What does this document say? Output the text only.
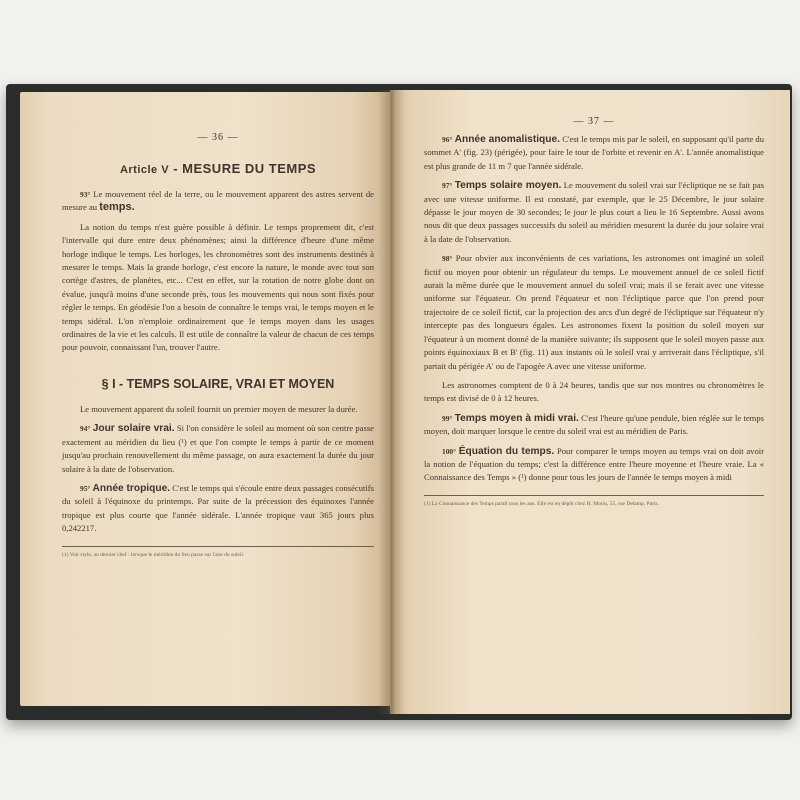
— 36 —
Article V - MESURE DU TEMPS

93° Le mouvement réel de la terre, ou le mouvement apparent des astres servent de mesure au temps.

La notion du temps n'est guère possible à définir. Le temps proprement dit, c'est l'intervalle qui dure entre deux phénomènes; ainsi la différence d'heure d'une même horloge indique le temps. Les horloges, les chronomètres sont des instruments destinés à mesurer le temps. Mais la grande horloge, c'est encore la nature, le monde avec tout son cortège d'astres, de planètes, etc... C'est en effet, sur la rotation de notre globe dont on évalue, jusqu'à moins d'une seconde près, tous les mouvements qui nous sont fixés pour régler le temps. En géodésie l'on a besoin de connaître le temps vrai, le temps moyen et le temps sidéral. L'on n'emploie ordinairement que le temps moyen dans les usages ordinaires de la vie et les calculs. Il est utile de connaître la valeur de chacun de ces temps pour pouvoir, connaissant l'un, trouver l'autre.

§ I - TEMPS SOLAIRE, VRAI ET MOYEN

Le mouvement apparent du soleil fournit un premier moyen de mesurer la durée.

94° Jour solaire vrai. Si l'on considère le soleil au moment où son centre passe exactement au méridien du lieu (¹) et que l'on compte le temps à partir de ce moment jusqu'au prochain renouvellement du même passage, on aura exactement la durée du jour solaire à la date de l'observation.

95° Année tropique. C'est le temps qui s'écoule entre deux passages consécutifs du soleil à l'équinoxe du printemps. Par suite de la précession des équinoxes l'année tropique est plus courte que l'année sidérale. L'année tropique vaut 365 jours plus 0,242217.

(1) Voir style, au dernier chef : lorsque le méridien du lieu passe sur l'axe du soleil.
— 37 —

96° Année anomalistique. C'est le temps mis par le soleil, en supposant qu'il parte du sommet A' (fig. 23) (périgée), pour faire le tour de l'orbite et revenir en A'. L'année anomalistique est plus grande de 11 m 7 que l'année sidérale.

97° Temps solaire moyen. Le mouvement du soleil vrai sur l'écliptique ne se fait pas avec une vitesse uniforme. Il est constaté, par exemple, que le 25 Décembre, le jour solaire dépasse le jour moyen de 30 secondes; le jour le plus court a lieu le 16 Septembre. Aussi avons nous dit que deux passages successifs du soleil au méridien mesurent la durée du jour solaire vrai à la date de l'observation.

98° Pour obvier aux inconvénients de ces variations, les astronomes ont imaginé un soleil fictif ou moyen pour obtenir un régulateur du temps. Le mouvement annuel de ce soleil fictif aurait la même durée que le mouvement annuel du soleil vrai; mais il se ferait avec une vitesse uniforme sur l'équateur. On prend l'équateur et non l'écliptique parce que l'on prend pour trajectoire de ce soleil fictif, car la projection des arcs d'un degré de l'écliptique sur l'équateur n'y intercepte pas des longueurs égales. Les astronomes fixent la position du soleil moyen sur l'équateur à un moment donné de la manière suivante; ils supposent que le soleil moyen passe aux points équinoxiaux B et B' (fig. 11) aux instants où le soleil vrai y arriverait dans l'écliptique, s'il partait du périgée A' ou de l'apogée A avec une vitesse uniforme.

Les astronomes comptent de 0 à 24 heures, tandis que sur nos montres ou chronomètres le temps est divisé de 0 à 12 heures.

99° Temps moyen à midi vrai. C'est l'heure qu'une pendule, bien réglée sur le temps moyen, doit marquer lorsque le centre du soleil vrai est au méridien de Paris.

100° Équation du temps. Pour comparer le temps moyen au temps vrai on doit avoir la notion de l'équation du temps; c'est la différence entre l'heure moyenne et l'heure vraie. La « Connaissance des Temps » (¹) donne pour tous les jours de l'année le temps moyen à midi

(1) La Connaissance des Temps paraît tous les ans. Elle est en dépôt chez H. Morin, 55, rue Delamp, Paris.
